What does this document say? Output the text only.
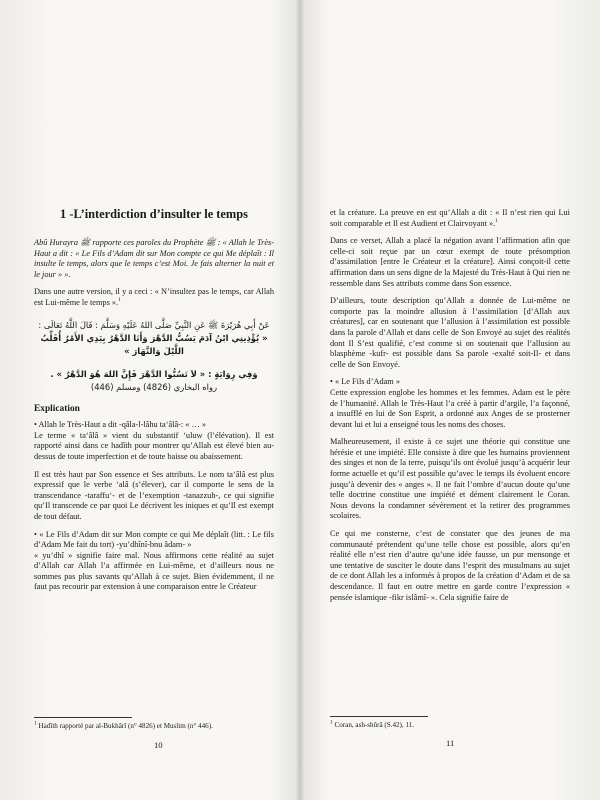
1 -L’interdiction d’insulter le temps

Abû Hurayra ﷺ rapporte ces paroles du Prophète ﷺ : « Allah le Très-Haut a dit : « Le Fils d’Adam dit sur Mon compte ce qui Me déplaît : Il insulte le temps, alors que le temps c’est Moi. Je fais alterner la nuit et le jour » ».

Dans une autre version, il y a ceci : « N’insultez pas le temps, car Allah est Lui-même le temps ».$^1$

عَنْ أَبِي هُرَيْرَةَ ﷺ عَنِ النَّبِيِّ صَلَّى اللهُ عَلَيْهِ وَسَلَّمَ : قَالَ اللَّهُ تَعَالَى :
« يُؤْذِينِي ابْنُ آدَمَ يَسُبُّ الدَّهْرَ وَأَنَا الدَّهْرُ بِيَدِي الأَمْرُ أُقَلِّبُ اللَّيْلَ وَالنَّهَارَ »
وَفِي رِوَايَةٍ : « لاَ تَسُبُّوا الدَّهْرَ فَإِنَّ اللهَ هُوَ الدَّهْرُ » .
رواه البخاري (4826) ومسلم (446)
Explication

• Allah le Très-Haut a dit -qâla-l-lâhu ta‘âlâ-: « … »

Le terme « ta‘âlâ » vient du substantif ‘uluw (l’élévation). Il est rapporté ainsi dans ce hadîth pour montrer qu’Allah est élevé bien au-dessus de toute imperfection et de toute baisse ou abaissement.

Il est très haut par Son essence et Ses attributs. Le nom ta‘âlâ est plus expressif que le verbe ‘alâ (s’élever), car il comporte le sens de la transcendance -taraffu‘- et de l’exemption -tanazzuh-, ce qui signifie qu’Il transcende ce par quoi Le décrivent les iniques et qu’Il est exempt de tout défaut.

• « Le Fils d’Adam dit sur Mon compte ce qui Me déplaît (litt. : Le fils d’Adam Me fait du tort) -yu’dhînî-bnu âdam- »

« yu’dhî » signifie faire mal. Nous affirmons cette réalité au sujet d’Allah car Allah l’a affirmée en Lui-même, et d’ailleurs nous ne sommes pas plus savants qu’Allah à ce sujet. Bien évidemment, il ne faut pas recourir par extension à une comparaison entre le Créateur

$^1$ Hadîth rapporté par al-Bukhârî (n° 4826) et Muslim (n° 446).
10

et la créature. La preuve en est qu’Allah a dit : « Il n’est rien qui Lui soit comparable et Il est Audient et Clairvoyant ».$^1$

Dans ce verset, Allah a placé la négation avant l’affirmation afin que celle-ci soit reçue par un cœur exempt de toute présomption d’assimilation [entre le Créateur et la créature]. Ainsi conçoit-il cette affirmation dans un sens digne de la Majesté du Très-Haut à Qui rien ne ressemble dans Ses attributs comme dans Son essence.

D’ailleurs, toute description qu’Allah a donnée de Lui-même ne comporte pas la moindre allusion à l’assimilation [d’Allah aux créatures], car en soutenant que l’allusion à l’assimilation est possible dans la parole d’Allah et dans celle de Son Envoyé au sujet des réalités dont Il S’est qualifié, c’est comme si on soutenait que l’allusion au blasphème -kufr- est possible dans Sa parole -exalté soit-Il- et dans celle de Son Envoyé.

• « Le Fils d’Adam »

Cette expression englobe les hommes et les femmes. Adam est le père de l’humanité. Allah le Très-Haut l’a créé à partir d’argile, l’a façonné, a insufflé en lui de Son Esprit, a ordonné aux Anges de se prosterner devant lui et lui a enseigné tous les noms des choses.

Malheureusement, il existe à ce sujet une théorie qui constitue une hérésie et une impiété. Elle consiste à dire que les humains proviennent des singes et non de la terre, puisqu’ils ont évolué jusqu’à acquérir leur forme actuelle et qu’il est possible qu’avec le temps ils évoluent encore jusqu’à devenir des « anges ». Il ne fait l’ombre d’aucun doute qu’une telle doctrine constitue une impiété et dément clairement le Coran. Nous devons la condamner sévèrement et la retirer des programmes scolaires.

Ce qui me consterne, c’est de constater que des jeunes de ma communauté prétendent qu’une telle chose est possible, alors qu’en réalité elle n’est rien d’autre qu’une idée fausse, un pur mensonge et une tentative de susciter le doute dans l’esprit des musulmans au sujet de ce dont Allah les a informés à propos de la création d’Adam et de sa descendance. Il faut en outre mettre en garde contre l’expression « pensée islamique -fikr islâmî- ». Cela signifie faire de

$^1$ Coran, ash-shûrâ (S.42), 11.
11
